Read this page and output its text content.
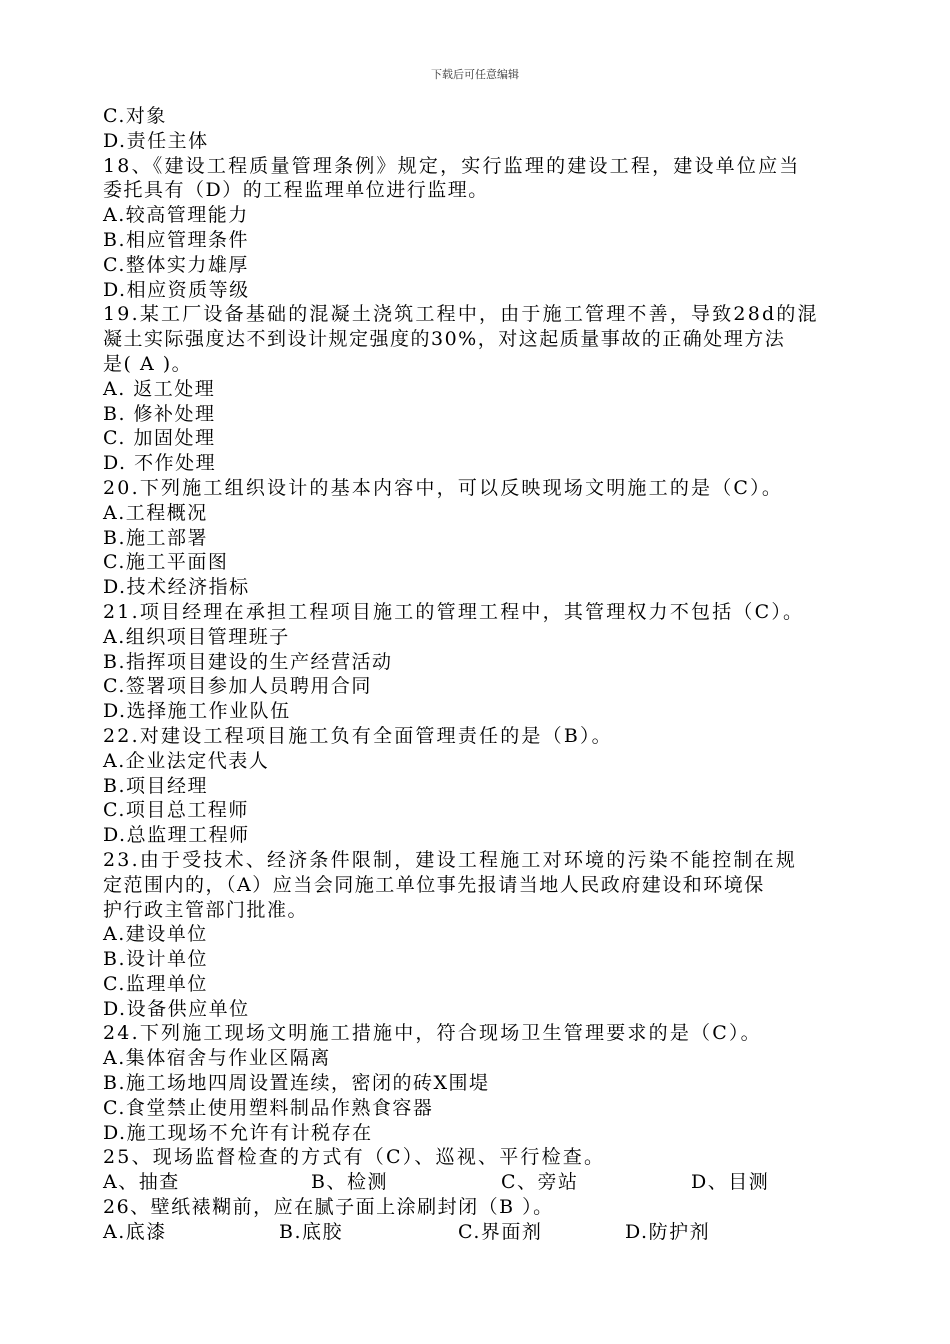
下载后可任意编辑
C.对象
D.责任主体
18、《建设工程质量管理条例》规定，实行监理的建设工程，建设单位应当
委托具有（D）的工程监理单位进行监理。
A.较高管理能力
B.相应管理条件
C.整体实力雄厚
D.相应资质等级
19.某工厂设备基础的混凝土浇筑工程中，由于施工管理不善，导致28d的混
凝土实际强度达不到设计规定强度的30%，对这起质量事故的正确处理方法
是( A )。
A. 返工处理
B. 修补处理
C. 加固处理
D. 不作处理
20.下列施工组织设计的基本内容中，可以反映现场文明施工的是（C）。
A.工程概况
B.施工部署
C.施工平面图
D.技术经济指标
21.项目经理在承担工程项目施工的管理工程中，其管理权力不包括（C）。
A.组织项目管理班子
B.指挥项目建设的生产经营活动
C.签署项目参加人员聘用合同
D.选择施工作业队伍
22.对建设工程项目施工负有全面管理责任的是（B）。
A.企业法定代表人
B.项目经理
C.项目总工程师
D.总监理工程师
23.由于受技术、经济条件限制，建设工程施工对环境的污染不能控制在规
定范围内的，（A）应当会同施工单位事先报请当地人民政府建设和环境保
护行政主管部门批准。
A.建设单位
B.设计单位
C.监理单位
D.设备供应单位
24.下列施工现场文明施工措施中，符合现场卫生管理要求的是（C）。
A.集体宿舍与作业区隔离
B.施工场地四周设置连续，密闭的砖X围堤
C.食堂禁止使用塑料制品作熟食容器
D.施工现场不允许有计税存在
25、现场监督检查的方式有（C）、巡视、平行检查。
A、抽查	B、检测	C、旁站	D、目测
26、壁纸裱糊前，应在腻子面上涂刷封闭（B ）。
A.底漆	B.底胶	C.界面剂	D.防护剂
